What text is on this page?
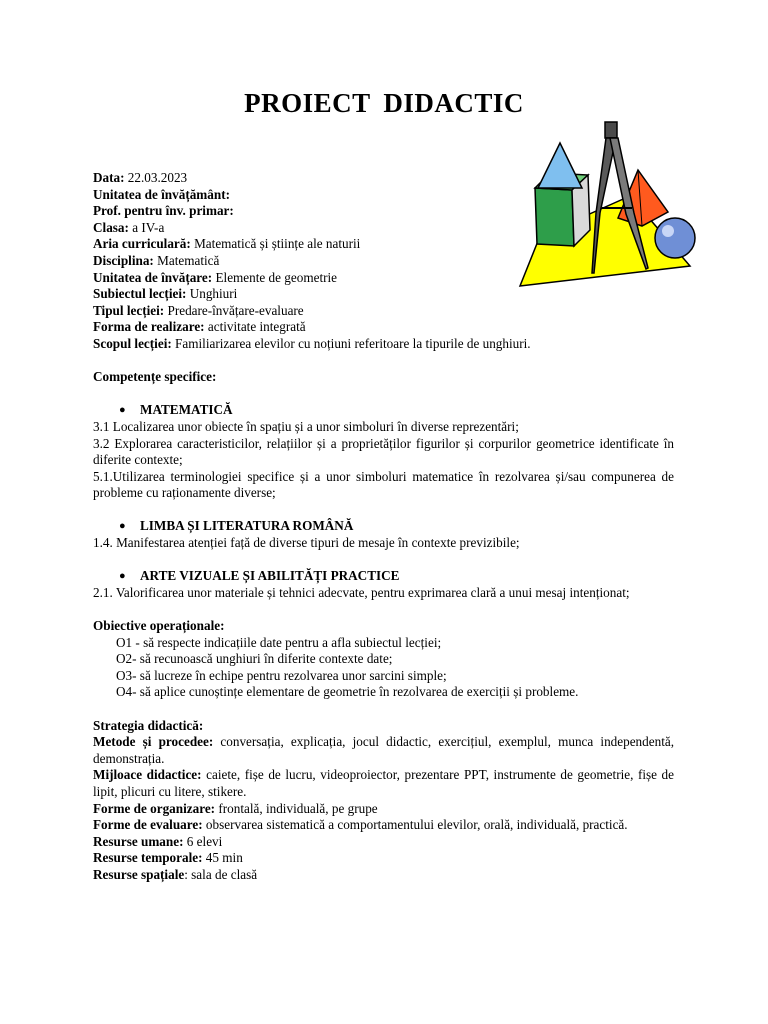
PROIECT DIDACTIC

Data: 22.03.2023

Unitatea de învățământ:

Prof. pentru înv. primar:

Clasa: a IV-a

Aria curriculară: Matematică și științe ale naturii

Disciplina: Matematică

Unitatea de învățare: Elemente de geometrie

Subiectul lecției: Unghiuri

Tipul lecției: Predare-învățare-evaluare

Forma de realizare: activitate integrată

Scopul lecției: Familiarizarea elevilor cu noțiuni referitoare la tipurile de unghiuri.

Competențe specifice:

● MATEMATICĂ

3.1 Localizarea unor obiecte în spațiu și a unor simboluri în diverse reprezentări;

3.2 Explorarea caracteristicilor, relațiilor și a proprietăților figurilor și corpurilor geometrice identificate în diferite contexte;

5.1.Utilizarea terminologiei specifice și a unor simboluri matematice în rezolvarea și/sau compunerea de probleme cu raționamente diverse;

● LIMBA ȘI LITERATURA ROMÂNĂ

1.4. Manifestarea atenției față de diverse tipuri de mesaje în contexte previzibile;

● ARTE VIZUALE ȘI ABILITĂȚI PRACTICE

2.1. Valorificarea unor materiale și tehnici adecvate, pentru exprimarea clară a unui mesaj intenționat;

Obiective operaționale:

O1 - să respecte indicațiile date pentru a afla subiectul lecției;

O2- să recunoască unghiuri în diferite contexte date;

O3- să lucreze în echipe pentru rezolvarea unor sarcini simple;

O4- să aplice cunoștințe elementare de geometrie în rezolvarea de exerciții și probleme.

Strategia didactică:

Metode și procedee: conversația, explicația, jocul didactic, exercițiul, exemplul, munca independentă, demonstrația.

Mijloace didactice: caiete, fișe de lucru, videoproiector, prezentare PPT, instrumente de geometrie, fișe de lipit, plicuri cu litere, stikere.

Forme de organizare: frontală, individuală, pe grupe

Forme de evaluare: observarea sistematică a comportamentului elevilor, orală, individuală, practică.

Resurse umane: 6 elevi

Resurse temporale: 45 min

Resurse spațiale: sala de clasă
